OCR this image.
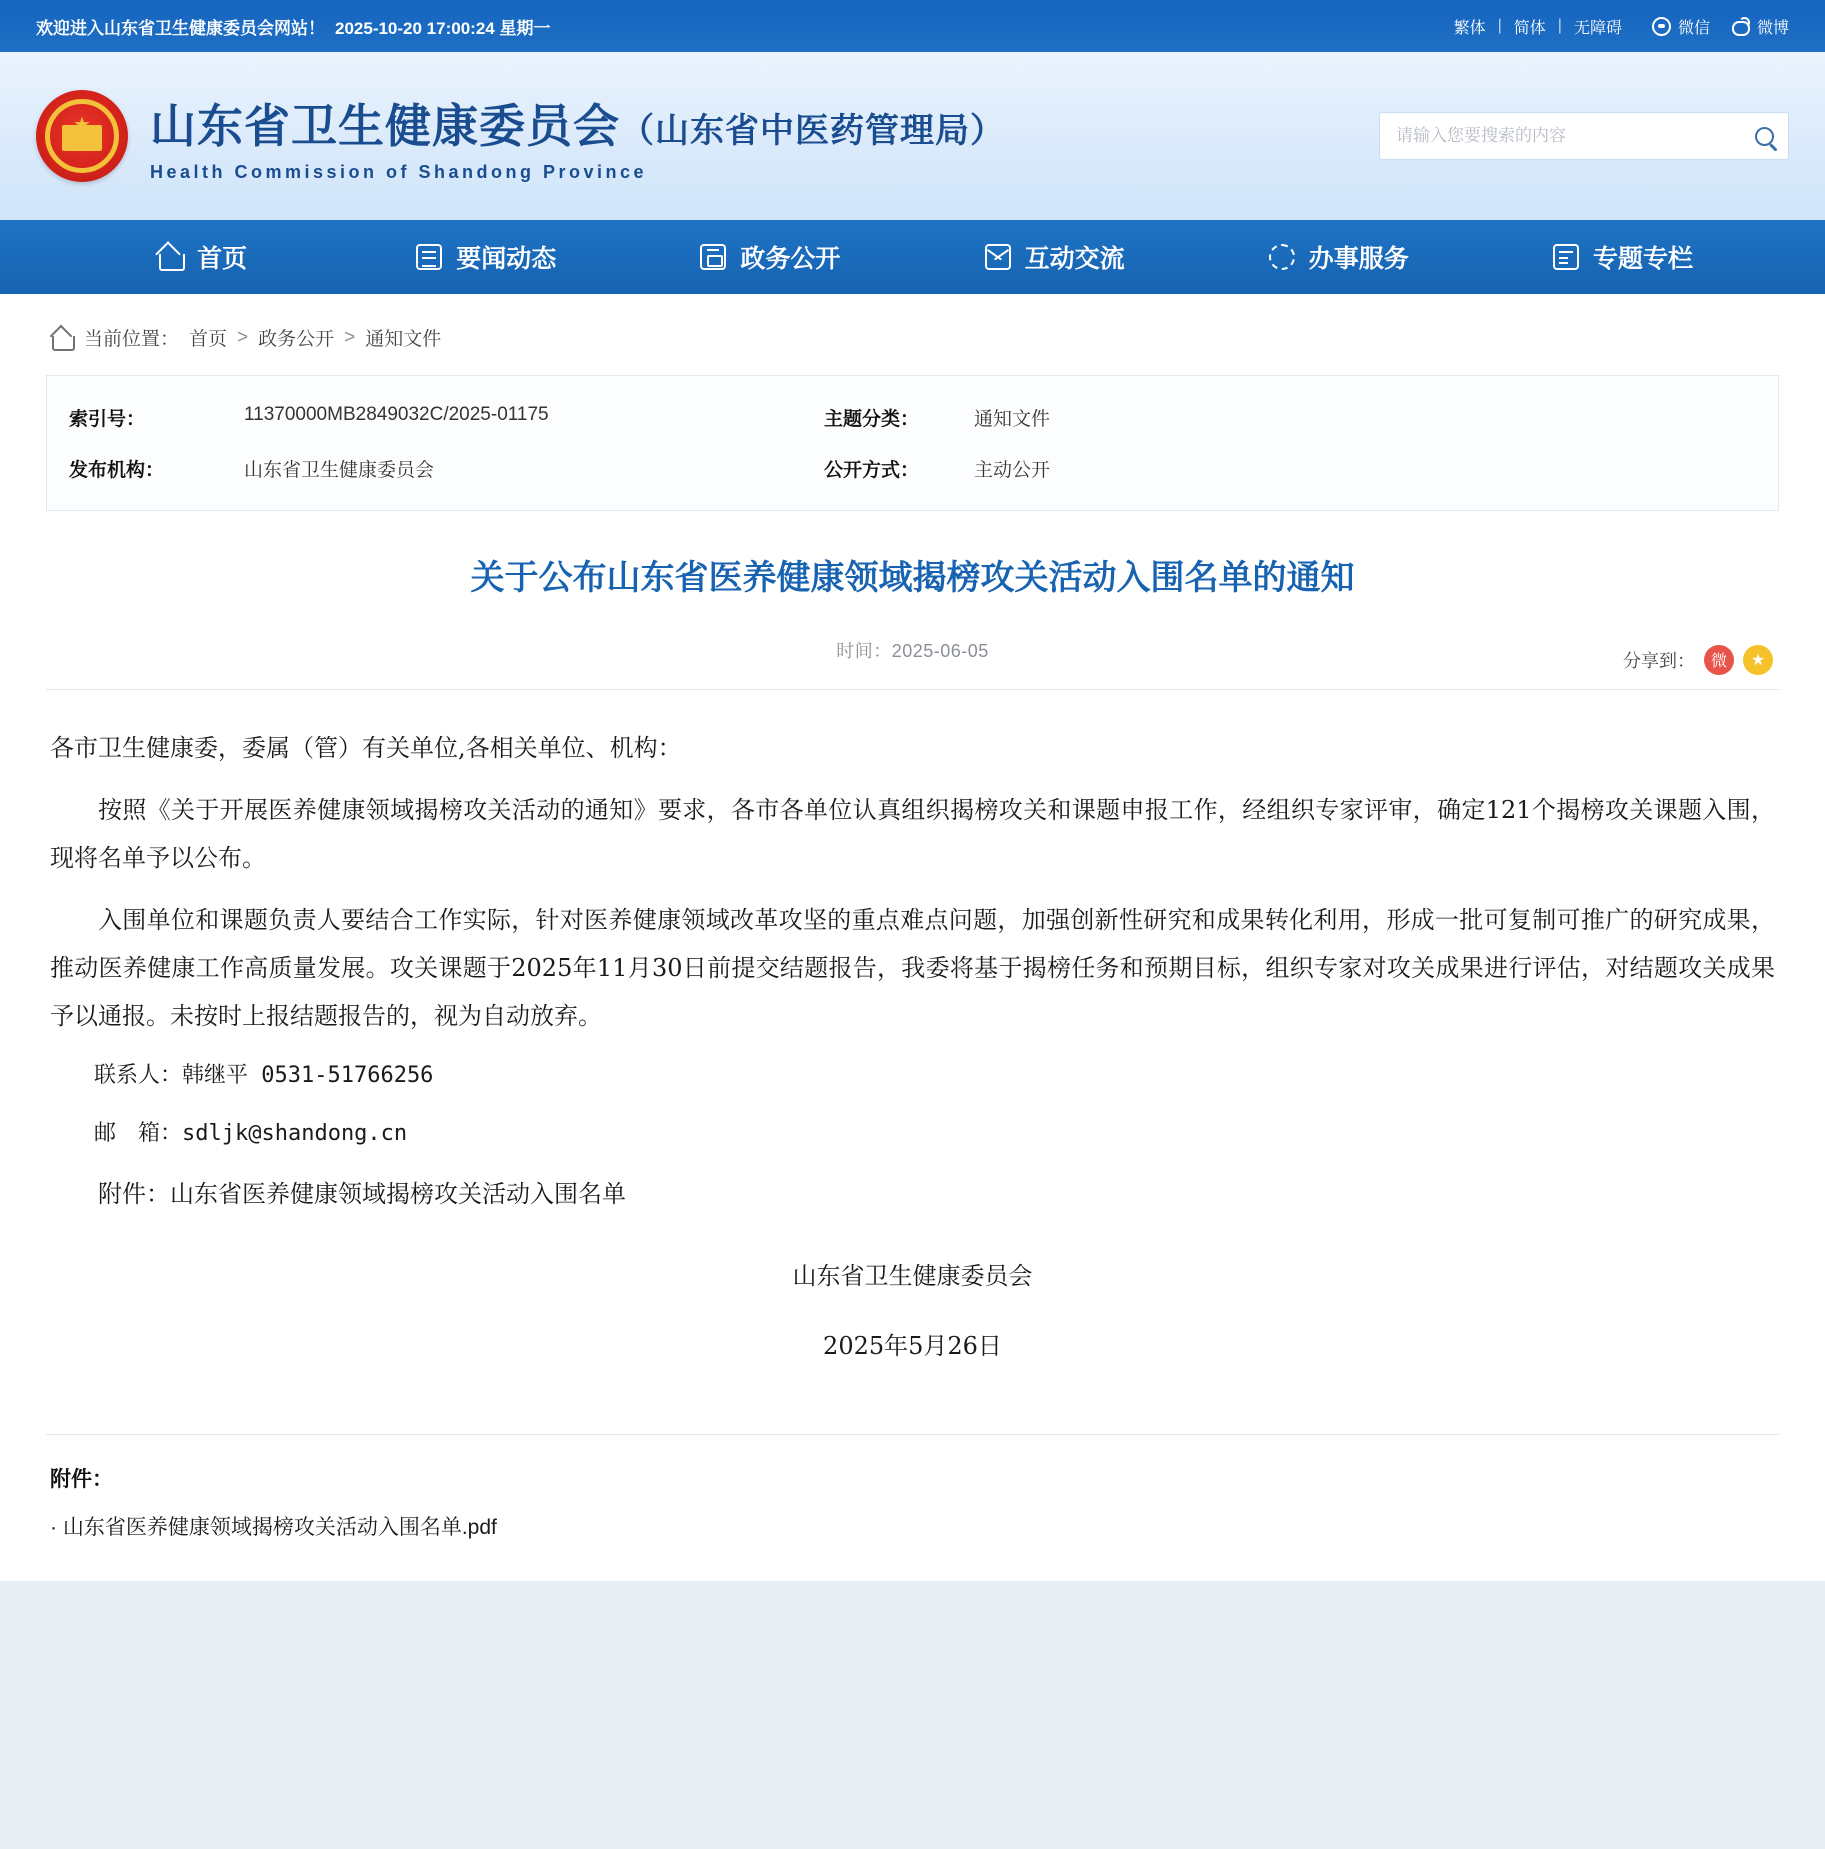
欢迎进入山东省卫生健康委员会网站！ 2025-10-20 17:00:24 星期一	繁体 | 简体 | 无障碍	微信	微博
★ 山东省卫生健康委员会（山东省中医药管理局）
Health Commission of Shandong Province
请输入您要搜索的内容
首页	要闻动态	政务公开	互动交流	办事服务	专题专栏
当前位置： 首页 > 政务公开 > 通知文件
索引号：	11370000MB2849032C/2025-01175	主题分类：	通知文件
发布机构：	山东省卫生健康委员会	公开方式：	主动公开
关于公布山东省医养健康领域揭榜攻关活动入围名单的通知
时间：2025-06-05	分享到： 微	★

各市卫生健康委，委属（管）有关单位,各相关单位、机构：

按照《关于开展医养健康领域揭榜攻关活动的通知》要求，各市各单位认真组织揭榜攻关和课题申报工作，经组织专家评审，确定121个揭榜攻关课题入围，现将名单予以公布。

入围单位和课题负责人要结合工作实际，针对医养健康领域改革攻坚的重点难点问题，加强创新性研究和成果转化利用，形成一批可复制可推广的研究成果，推动医养健康工作高质量发展。攻关课题于2025年11月30日前提交结题报告，我委将基于揭榜任务和预期目标，组织专家对攻关成果进行评估，对结题攻关成果予以通报。未按时上报结题报告的，视为自动放弃。

联系人：韩继平 0531-51766256

邮　箱：sdljk@shandong.cn

附件：山东省医养健康领域揭榜攻关活动入围名单

山东省卫生健康委员会

2025年5月26日

附件：
· 山东省医养健康领域揭榜攻关活动入围名单.pdf
